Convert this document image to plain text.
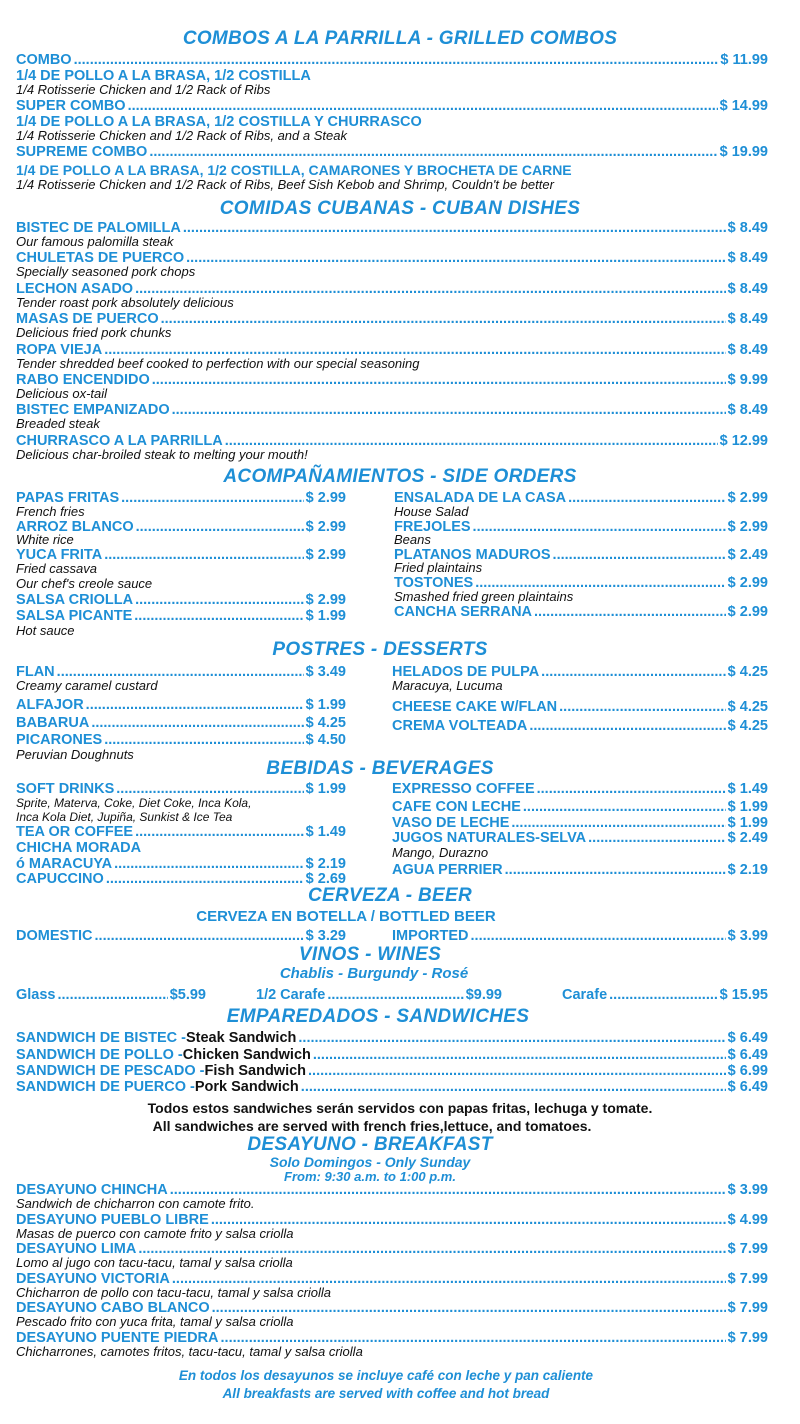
COMBOS A LA PARRILLA - GRILLED COMBOS
COMBO .....	$ 11.99
1/4 DE POLLO A LA BRASA, 1/2 COSTILLA
1/4 Rotisserie Chicken and 1/2 Rack of Ribs
SUPER COMBO .....	$ 14.99
1/4 DE POLLO A LA BRASA, 1/2 COSTILLA Y CHURRASCO
1/4 Rotisserie Chicken and 1/2 Rack of Ribs, and a Steak
SUPREME COMBO .....	$ 19.99
1/4 DE POLLO A LA BRASA, 1/2 COSTILLA, CAMARONES Y BROCHETA DE CARNE
1/4 Rotisserie Chicken and 1/2 Rack of Ribs, Beef Sish Kebob and Shrimp, Couldn't be better
COMIDAS CUBANAS - CUBAN DISHES
BISTEC DE PALOMILLA .....	$ 8.49
Our famous palomilla steak
CHULETAS DE PUERCO .....	$ 8.49
Specially seasoned pork chops
LECHON ASADO .....	$ 8.49
Tender roast pork absolutely delicious
MASAS DE PUERCO .....	$ 8.49
Delicious fried pork chunks
ROPA VIEJA .....	$ 8.49
Tender shredded beef cooked to perfection with our special seasoning
RABO ENCENDIDO .....	$ 9.99
Delicious ox-tail
BISTEC EMPANIZADO .....	$ 8.49
Breaded steak
CHURRASCO A LA PARRILLA .....	$ 12.99
Delicious char-broiled steak to melting your mouth!
ACOMPAÑAMIENTOS - SIDE ORDERS
PAPAS FRITAS .....	$ 2.99
French fries
ARROZ BLANCO .....	$ 2.99
White rice
YUCA FRITA .....	$ 2.99
Fried cassava
Our chef's creole sauce
SALSA CRIOLLA .....	$ 2.99
SALSA PICANTE .....	$ 1.99
Hot sauce
ENSALADA DE LA CASA .....	$ 2.99
House Salad
FREJOLES .....	$ 2.99
Beans
PLATANOS MADUROS .....	$ 2.49
Fried plaintains
TOSTONES .....	$ 2.99
Smashed fried green plaintains
CANCHA SERRANA .....	$ 2.99
POSTRES - DESSERTS
FLAN .....	$ 3.49
Creamy caramel custard
ALFAJOR .....	$ 1.99
BABARUA .....	$ 4.25
PICARONES .....	$ 4.50
Peruvian Doughnuts
HELADOS DE PULPA .....	$ 4.25
Maracuya, Lucuma
CHEESE CAKE W/FLAN .....	$ 4.25
CREMA VOLTEADA .....	$ 4.25
BEBIDAS - BEVERAGES
SOFT DRINKS .....	$ 1.99
Sprite, Materva, Coke, Diet Coke, Inca Kola,
Inca Kola Diet, Jupiña, Sunkist & Ice Tea
TEA OR COFFEE .....	$ 1.49
CHICHA MORADA
ó MARACUYA .....	$ 2.19
CAPUCCINO .....	$ 2.69
EXPRESSO COFFEE .....	$ 1.49
CAFE CON LECHE .....	$ 1.99
VASO DE LECHE .....	$ 1.99
JUGOS NATURALES-SELVA .....	$ 2.49
Mango, Durazno
AGUA PERRIER .....	$ 2.19
CERVEZA - BEER
CERVEZA EN BOTELLA / BOTTLED BEER
DOMESTIC .....	$ 3.29	IMPORTED .....	$ 3.99
VINOS - WINES
Chablis - Burgundy - Rosé
Glass .....	$5.99	1/2 Carafe .....	$9.99	Carafe .....	$ 15.95
EMPAREDADOS - SANDWICHES
SANDWICH DE BISTEC - Steak Sandwich .....	$ 6.49
SANDWICH DE POLLO - Chicken Sandwich .....	$ 6.49
SANDWICH DE PESCADO - Fish Sandwich .....	$ 6.99
SANDWICH DE PUERCO - Pork Sandwich .....	$ 6.49
Todos estos sandwiches serán servidos con papas fritas, lechuga y tomate.
All sandwiches are served with french fries,lettuce, and tomatoes.
DESAYUNO - BREAKFAST
Solo Domingos - Only Sunday
From: 9:30 a.m. to 1:00 p.m.
DESAYUNO CHINCHA .....	$ 3.99
Sandwich de chicharron con camote frito.
DESAYUNO PUEBLO LIBRE .....	$ 4.99
Masas de puerco con camote frito y salsa criolla
DESAYUNO LIMA .....	$ 7.99
Lomo al jugo con tacu-tacu, tamal y salsa criolla
DESAYUNO VICTORIA .....	$ 7.99
Chicharron de pollo con tacu-tacu, tamal y salsa criolla
DESAYUNO CABO BLANCO .....	$ 7.99
Pescado frito con yuca frita, tamal y salsa criolla
DESAYUNO PUENTE PIEDRA .....	$ 7.99
Chicharrones, camotes fritos, tacu-tacu, tamal y salsa criolla
En todos los desayunos se incluye café con leche y pan caliente
All breakfasts are served with coffee and hot bread
